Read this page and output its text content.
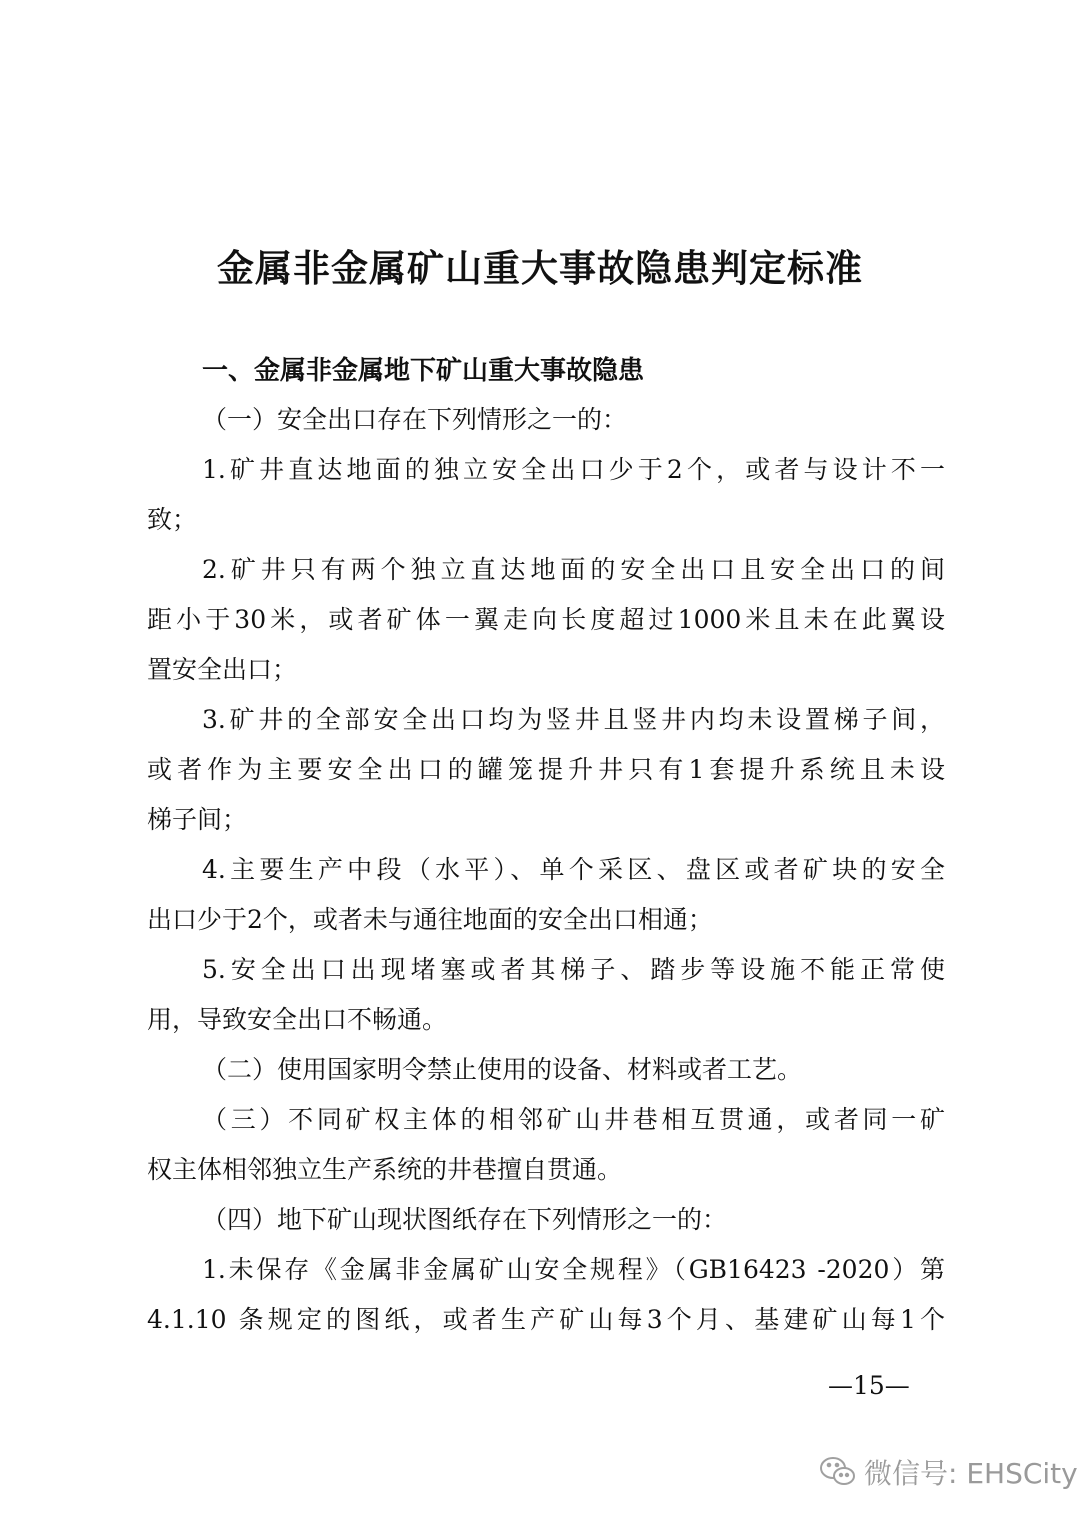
金属非金属矿山重大事故隐患判定标准
一、金属非金属地下矿山重大事故隐患
（一）安全出口存在下列情形之一的：
1.矿井直达地面的独立安全出口少于2个，或者与设计不一
致；
2.矿井只有两个独立直达地面的安全出口且安全出口的间
距小于30米，或者矿体一翼走向长度超过1000米且未在此翼设
置安全出口；
3.矿井的全部安全出口均为竖井且竖井内均未设置梯子间，
或者作为主要安全出口的罐笼提升井只有1套提升系统且未设
梯子间；
4.主要生产中段（水平）、单个采区、盘区或者矿块的安全
出口少于2个，或者未与通往地面的安全出口相通；
5.安全出口出现堵塞或者其梯子、踏步等设施不能正常使
用，导致安全出口不畅通。
（二）使用国家明令禁止使用的设备、材料或者工艺。
（三）不同矿权主体的相邻矿山井巷相互贯通，或者同一矿
权主体相邻独立生产系统的井巷擅自贯通。
（四）地下矿山现状图纸存在下列情形之一的：
1.未保存《金属非金属矿山安全规程》（GB16423 -2020）第
4.1.10 条规定的图纸，或者生产矿山每3个月、基建矿山每1个
—15—
微信号: EHSCity
